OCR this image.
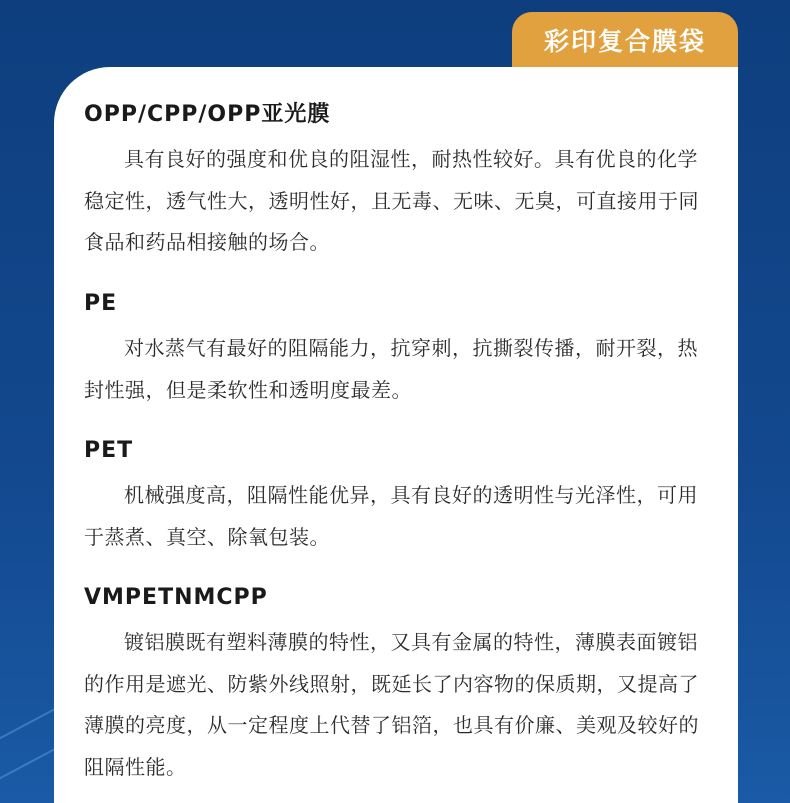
彩印复合膜袋
OPP/CPP/OPP亚光膜

具有良好的强度和优良的阻湿性，耐热性较好。具有优良的化学稳定性，透气性大，透明性好，且无毒、无味、无臭，可直接用于同食品和药品相接触的场合。

PE

对水蒸气有最好的阻隔能力，抗穿刺，抗撕裂传播，耐开裂，热封性强，但是柔软性和透明度最差。

PET

机械强度高，阻隔性能优异，具有良好的透明性与光泽性，可用于蒸煮、真空、除氧包装。

VMPETNMCPP

镀铝膜既有塑料薄膜的特性，又具有金属的特性，薄膜表面镀铝的作用是遮光、防紫外线照射，既延长了内容物的保质期，又提高了薄膜的亮度，从一定程度上代替了铝箔，也具有价廉、美观及较好的阻隔性能。
